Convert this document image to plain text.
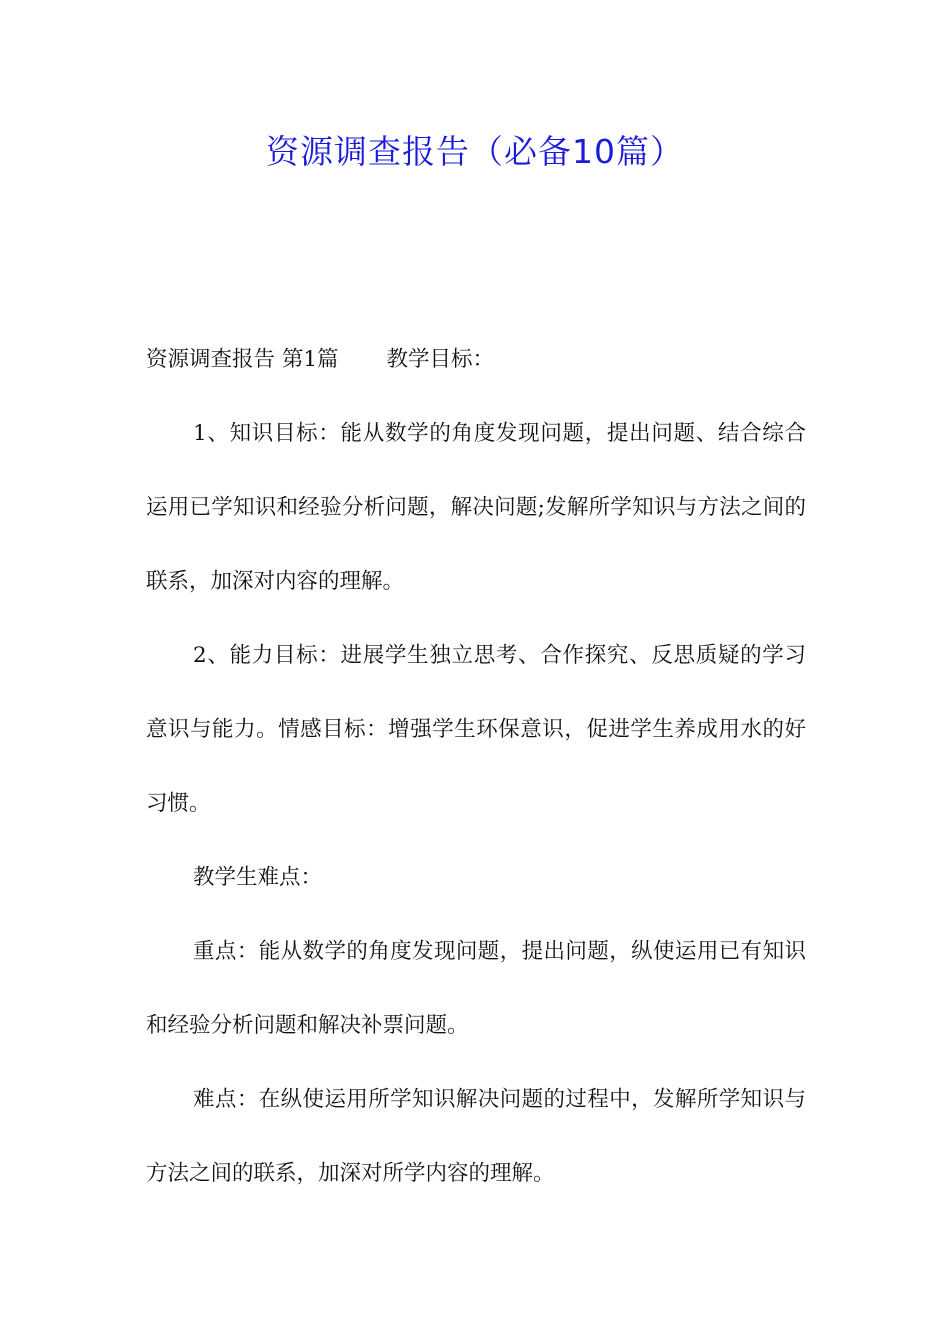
资源调查报告（必备10篇）

资源调查报告 第1篇 教学目标：

1、知识目标：能从数学的角度发现问题，提出问题、结合综合运用已学知识和经验分析问题，解决问题;发解所学知识与方法之间的联系，加深对内容的理解。

2、能力目标：进展学生独立思考、合作探究、反思质疑的学习意识与能力。情感目标：增强学生环保意识，促进学生养成用水的好习惯。

教学生难点：

重点：能从数学的角度发现问题，提出问题，纵使运用已有知识和经验分析问题和解决补票问题。

难点：在纵使运用所学知识解决问题的过程中，发解所学知识与方法之间的联系，加深对所学内容的理解。
